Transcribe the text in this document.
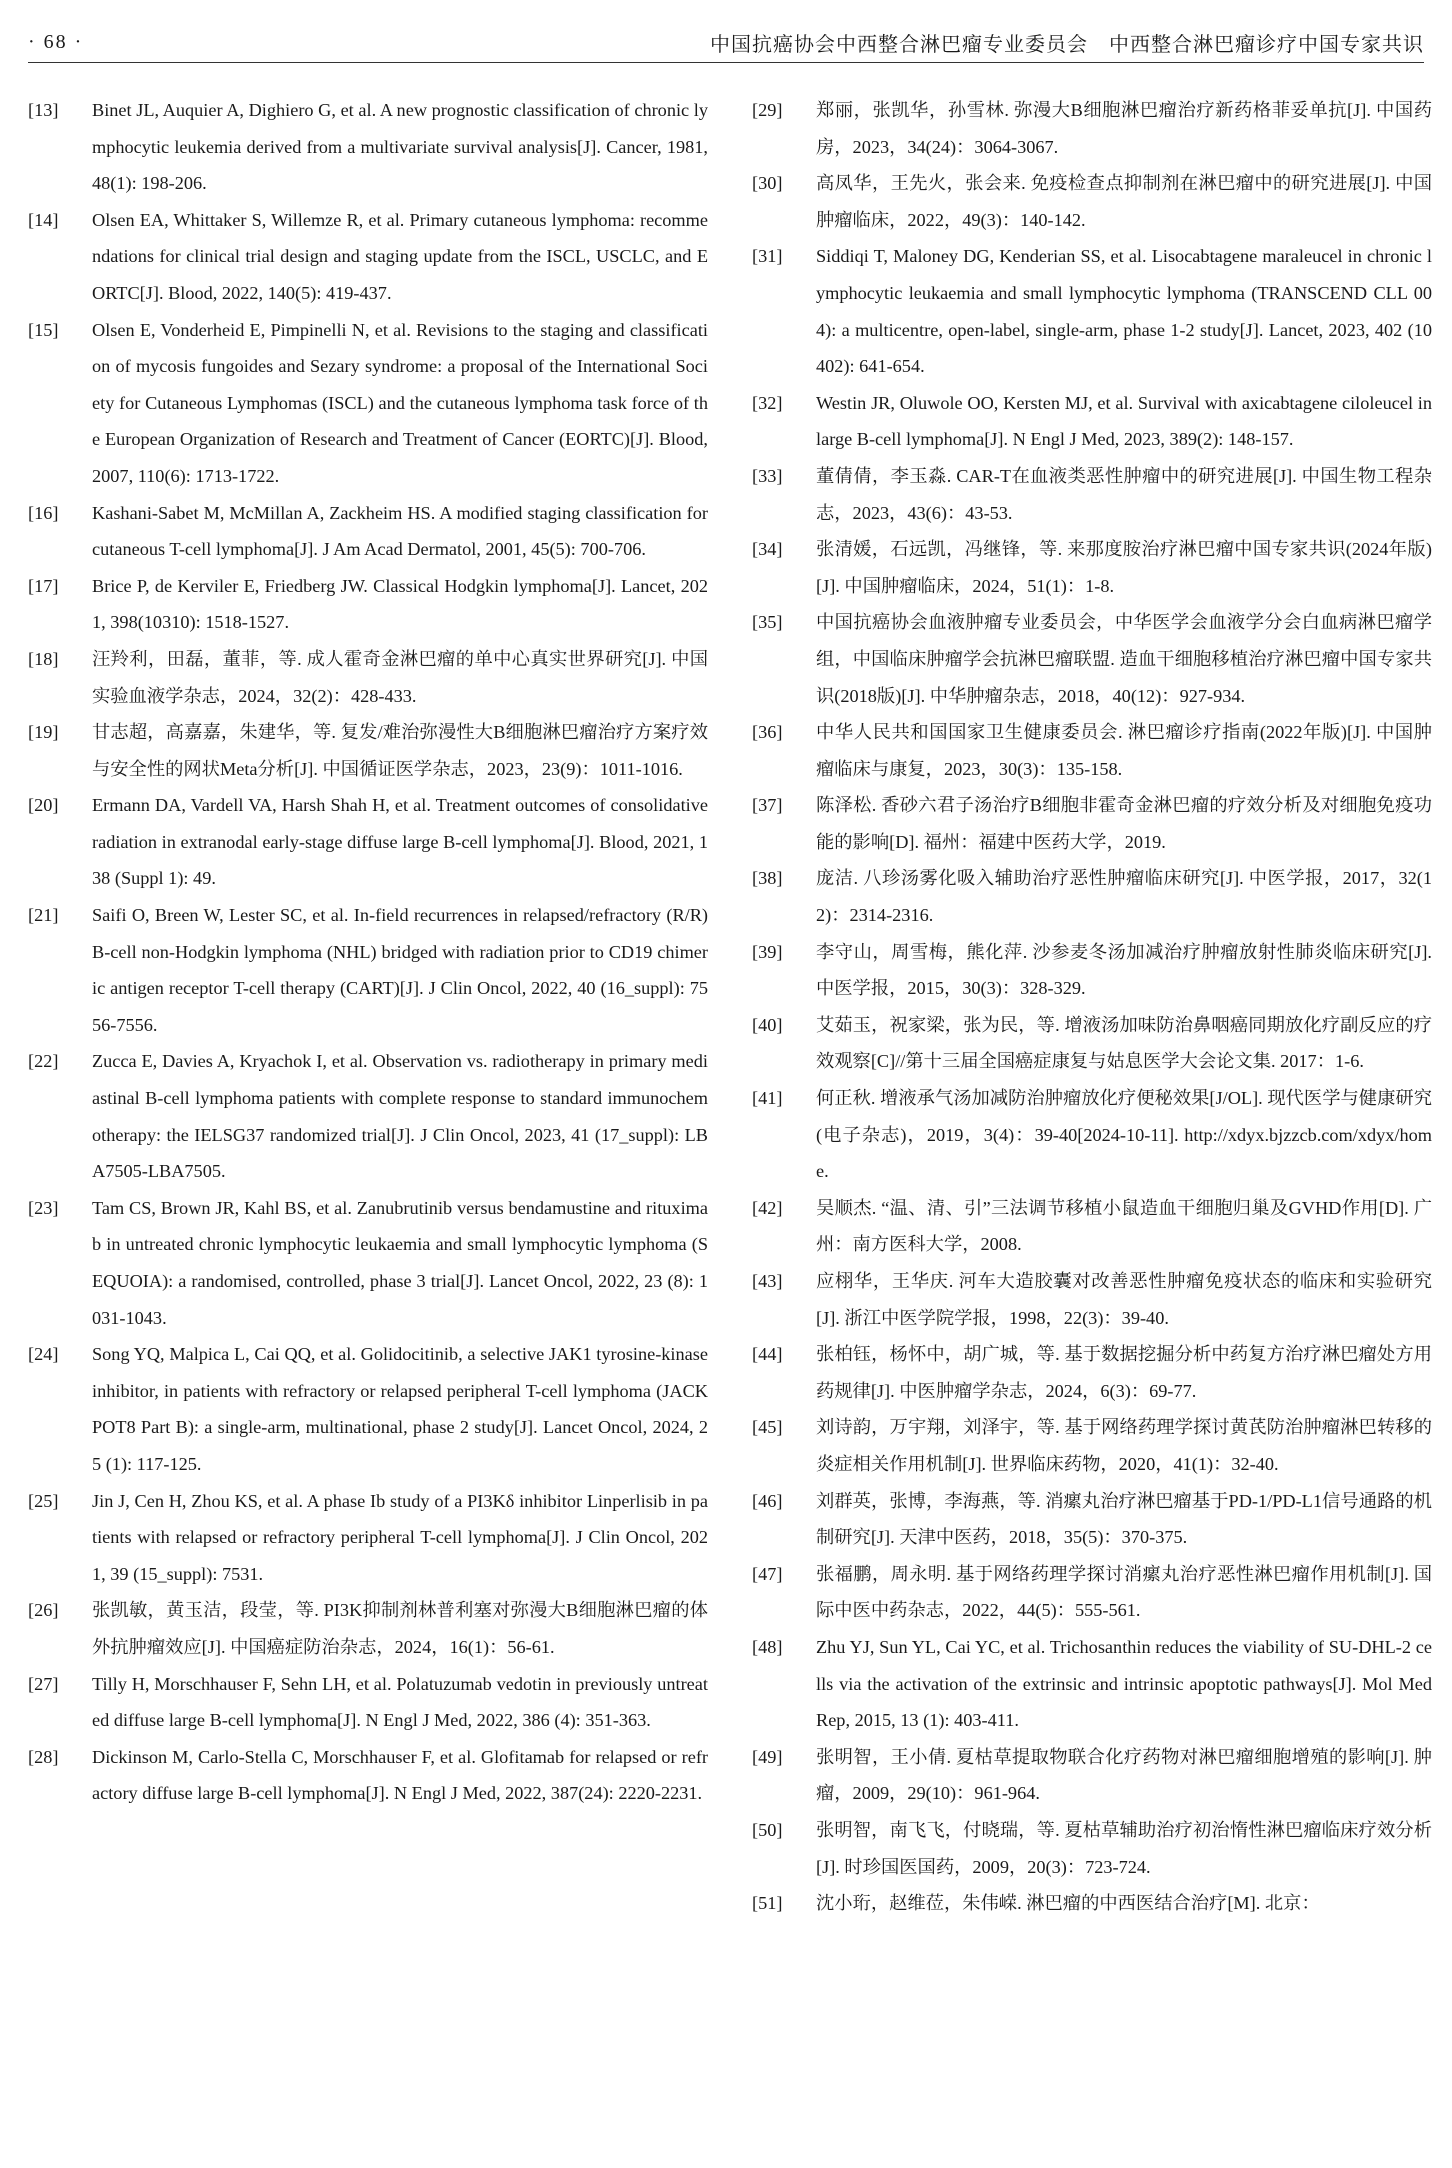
· 68 ·	中国抗癌协会中西整合淋巴瘤专业委员会　中西整合淋巴瘤诊疗中国专家共识
[13]	Binet JL, Auquier A, Dighiero G, et al. A new prognostic classification of chronic lymphocytic leukemia derived from a multivariate survival analysis[J]. Cancer, 1981, 48(1): 198-206.
[14]	Olsen EA, Whittaker S, Willemze R, et al. Primary cutaneous lymphoma: recommendations for clinical trial design and staging update from the ISCL, USCLC, and EORTC[J]. Blood, 2022, 140(5): 419-437.
[15]	Olsen E, Vonderheid E, Pimpinelli N, et al. Revisions to the staging and classification of mycosis fungoides and Sezary syndrome: a proposal of the International Society for Cutaneous Lymphomas (ISCL) and the cutaneous lymphoma task force of the European Organization of Research and Treatment of Cancer (EORTC)[J]. Blood, 2007, 110(6): 1713-1722.
[16]	Kashani-Sabet M, McMillan A, Zackheim HS. A modified staging classification for cutaneous T-cell lymphoma[J]. J Am Acad Dermatol, 2001, 45(5): 700-706.
[17]	Brice P, de Kerviler E, Friedberg JW. Classical Hodgkin lymphoma[J]. Lancet, 2021, 398(10310): 1518-1527.
[18]	汪羚利，田磊，董菲，等. 成人霍奇金淋巴瘤的单中心真实世界研究[J]. 中国实验血液学杂志，2024，32(2)：428-433.
[19]	甘志超，高嘉嘉，朱建华，等. 复发/难治弥漫性大B细胞淋巴瘤治疗方案疗效与安全性的网状Meta分析[J]. 中国循证医学杂志，2023，23(9)：1011-1016.
[20]	Ermann DA, Vardell VA, Harsh Shah H, et al. Treatment outcomes of consolidative radiation in extranodal early-stage diffuse large B-cell lymphoma[J]. Blood, 2021, 138 (Suppl 1): 49.
[21]	Saifi O, Breen W, Lester SC, et al. In-field recurrences in relapsed/refractory (R/R) B-cell non-Hodgkin lymphoma (NHL) bridged with radiation prior to CD19 chimeric antigen receptor T-cell therapy (CART)[J]. J Clin Oncol, 2022, 40 (16_suppl): 7556-7556.
[22]	Zucca E, Davies A, Kryachok I, et al. Observation vs. radiotherapy in primary mediastinal B-cell lymphoma patients with complete response to standard immunochemotherapy: the IELSG37 randomized trial[J]. J Clin Oncol, 2023, 41 (17_suppl): LBA7505-LBA7505.
[23]	Tam CS, Brown JR, Kahl BS, et al. Zanubrutinib versus bendamustine and rituximab in untreated chronic lymphocytic leukaemia and small lymphocytic lymphoma (SEQUOIA): a randomised, controlled, phase 3 trial[J]. Lancet Oncol, 2022, 23 (8): 1031-1043.
[24]	Song YQ, Malpica L, Cai QQ, et al. Golidocitinib, a selective JAK1 tyrosine-kinase inhibitor, in patients with refractory or relapsed peripheral T-cell lymphoma (JACKPOT8 Part B): a single-arm, multinational, phase 2 study[J]. Lancet Oncol, 2024, 25 (1): 117-125.
[25]	Jin J, Cen H, Zhou KS, et al. A phase Ib study of a PI3Kδ inhibitor Linperlisib in patients with relapsed or refractory peripheral T-cell lymphoma[J]. J Clin Oncol, 2021, 39 (15_suppl): 7531.
[26]	张凯敏，黄玉洁，段莹，等. PI3K抑制剂林普利塞对弥漫大B细胞淋巴瘤的体外抗肿瘤效应[J]. 中国癌症防治杂志，2024，16(1)：56-61.
[27]	Tilly H, Morschhauser F, Sehn LH, et al. Polatuzumab vedotin in previously untreated diffuse large B-cell lymphoma[J]. N Engl J Med, 2022, 386 (4): 351-363.
[28]	Dickinson M, Carlo-Stella C, Morschhauser F, et al. Glofitamab for relapsed or refractory diffuse large B-cell lymphoma[J]. N Engl J Med, 2022, 387(24): 2220-2231.
[29]	郑丽，张凯华，孙雪林. 弥漫大B细胞淋巴瘤治疗新药格菲妥单抗[J]. 中国药房，2023，34(24)：3064-3067.
[30]	高凤华，王先火，张会来. 免疫检查点抑制剂在淋巴瘤中的研究进展[J]. 中国肿瘤临床，2022，49(3)：140-142.
[31]	Siddiqi T, Maloney DG, Kenderian SS, et al. Lisocabtagene maraleucel in chronic lymphocytic leukaemia and small lymphocytic lymphoma (TRANSCEND CLL 004): a multicentre, open-label, single-arm, phase 1-2 study[J]. Lancet, 2023, 402 (10402): 641-654.
[32]	Westin JR, Oluwole OO, Kersten MJ, et al. Survival with axicabtagene ciloleucel in large B-cell lymphoma[J]. N Engl J Med, 2023, 389(2): 148-157.
[33]	董倩倩，李玉淼. CAR-T在血液类恶性肿瘤中的研究进展[J]. 中国生物工程杂志，2023，43(6)：43-53.
[34]	张清媛，石远凯，冯继锋，等. 来那度胺治疗淋巴瘤中国专家共识(2024年版)[J]. 中国肿瘤临床，2024，51(1)：1-8.
[35]	中国抗癌协会血液肿瘤专业委员会，中华医学会血液学分会白血病淋巴瘤学组，中国临床肿瘤学会抗淋巴瘤联盟. 造血干细胞移植治疗淋巴瘤中国专家共识(2018版)[J]. 中华肿瘤杂志，2018，40(12)：927-934.
[36]	中华人民共和国国家卫生健康委员会. 淋巴瘤诊疗指南(2022年版)[J]. 中国肿瘤临床与康复，2023，30(3)：135-158.
[37]	陈泽松. 香砂六君子汤治疗B细胞非霍奇金淋巴瘤的疗效分析及对细胞免疫功能的影响[D]. 福州：福建中医药大学，2019.
[38]	庞洁. 八珍汤雾化吸入辅助治疗恶性肿瘤临床研究[J]. 中医学报，2017，32(12)：2314-2316.
[39]	李守山，周雪梅，熊化萍. 沙参麦冬汤加减治疗肿瘤放射性肺炎临床研究[J]. 中医学报，2015，30(3)：328-329.
[40]	艾茹玉，祝家梁，张为民，等. 增液汤加味防治鼻咽癌同期放化疗副反应的疗效观察[C]//第十三届全国癌症康复与姑息医学大会论文集. 2017：1-6.
[41]	何正秋. 增液承气汤加减防治肿瘤放化疗便秘效果[J/OL]. 现代医学与健康研究(电子杂志)，2019，3(4)：39-40[2024-10-11]. http://xdyx.bjzzcb.com/xdyx/home.
[42]	吴顺杰. “温、清、引”三法调节移植小鼠造血干细胞归巢及GVHD作用[D]. 广州：南方医科大学，2008.
[43]	应栩华，王华庆. 河车大造胶囊对改善恶性肿瘤免疫状态的临床和实验研究[J]. 浙江中医学院学报，1998，22(3)：39-40.
[44]	张柏钰，杨怀中，胡广城，等. 基于数据挖掘分析中药复方治疗淋巴瘤处方用药规律[J]. 中医肿瘤学杂志，2024，6(3)：69-77.
[45]	刘诗韵，万宇翔，刘泽宇，等. 基于网络药理学探讨黄芪防治肿瘤淋巴转移的炎症相关作用机制[J]. 世界临床药物，2020，41(1)：32-40.
[46]	刘群英，张博，李海燕，等. 消瘰丸治疗淋巴瘤基于PD-1/PD-L1信号通路的机制研究[J]. 天津中医药，2018，35(5)：370-375.
[47]	张福鹏，周永明. 基于网络药理学探讨消瘰丸治疗恶性淋巴瘤作用机制[J]. 国际中医中药杂志，2022，44(5)：555-561.
[48]	Zhu YJ, Sun YL, Cai YC, et al. Trichosanthin reduces the viability of SU-DHL-2 cells via the activation of the extrinsic and intrinsic apoptotic pathways[J]. Mol Med Rep, 2015, 13 (1): 403-411.
[49]	张明智，王小倩. 夏枯草提取物联合化疗药物对淋巴瘤细胞增殖的影响[J]. 肿瘤，2009，29(10)：961-964.
[50]	张明智，南飞飞，付晓瑞，等. 夏枯草辅助治疗初治惰性淋巴瘤临床疗效分析[J]. 时珍国医国药，2009，20(3)：723-724.
[51]	沈小珩，赵维莅，朱伟嵘. 淋巴瘤的中西医结合治疗[M]. 北京：
